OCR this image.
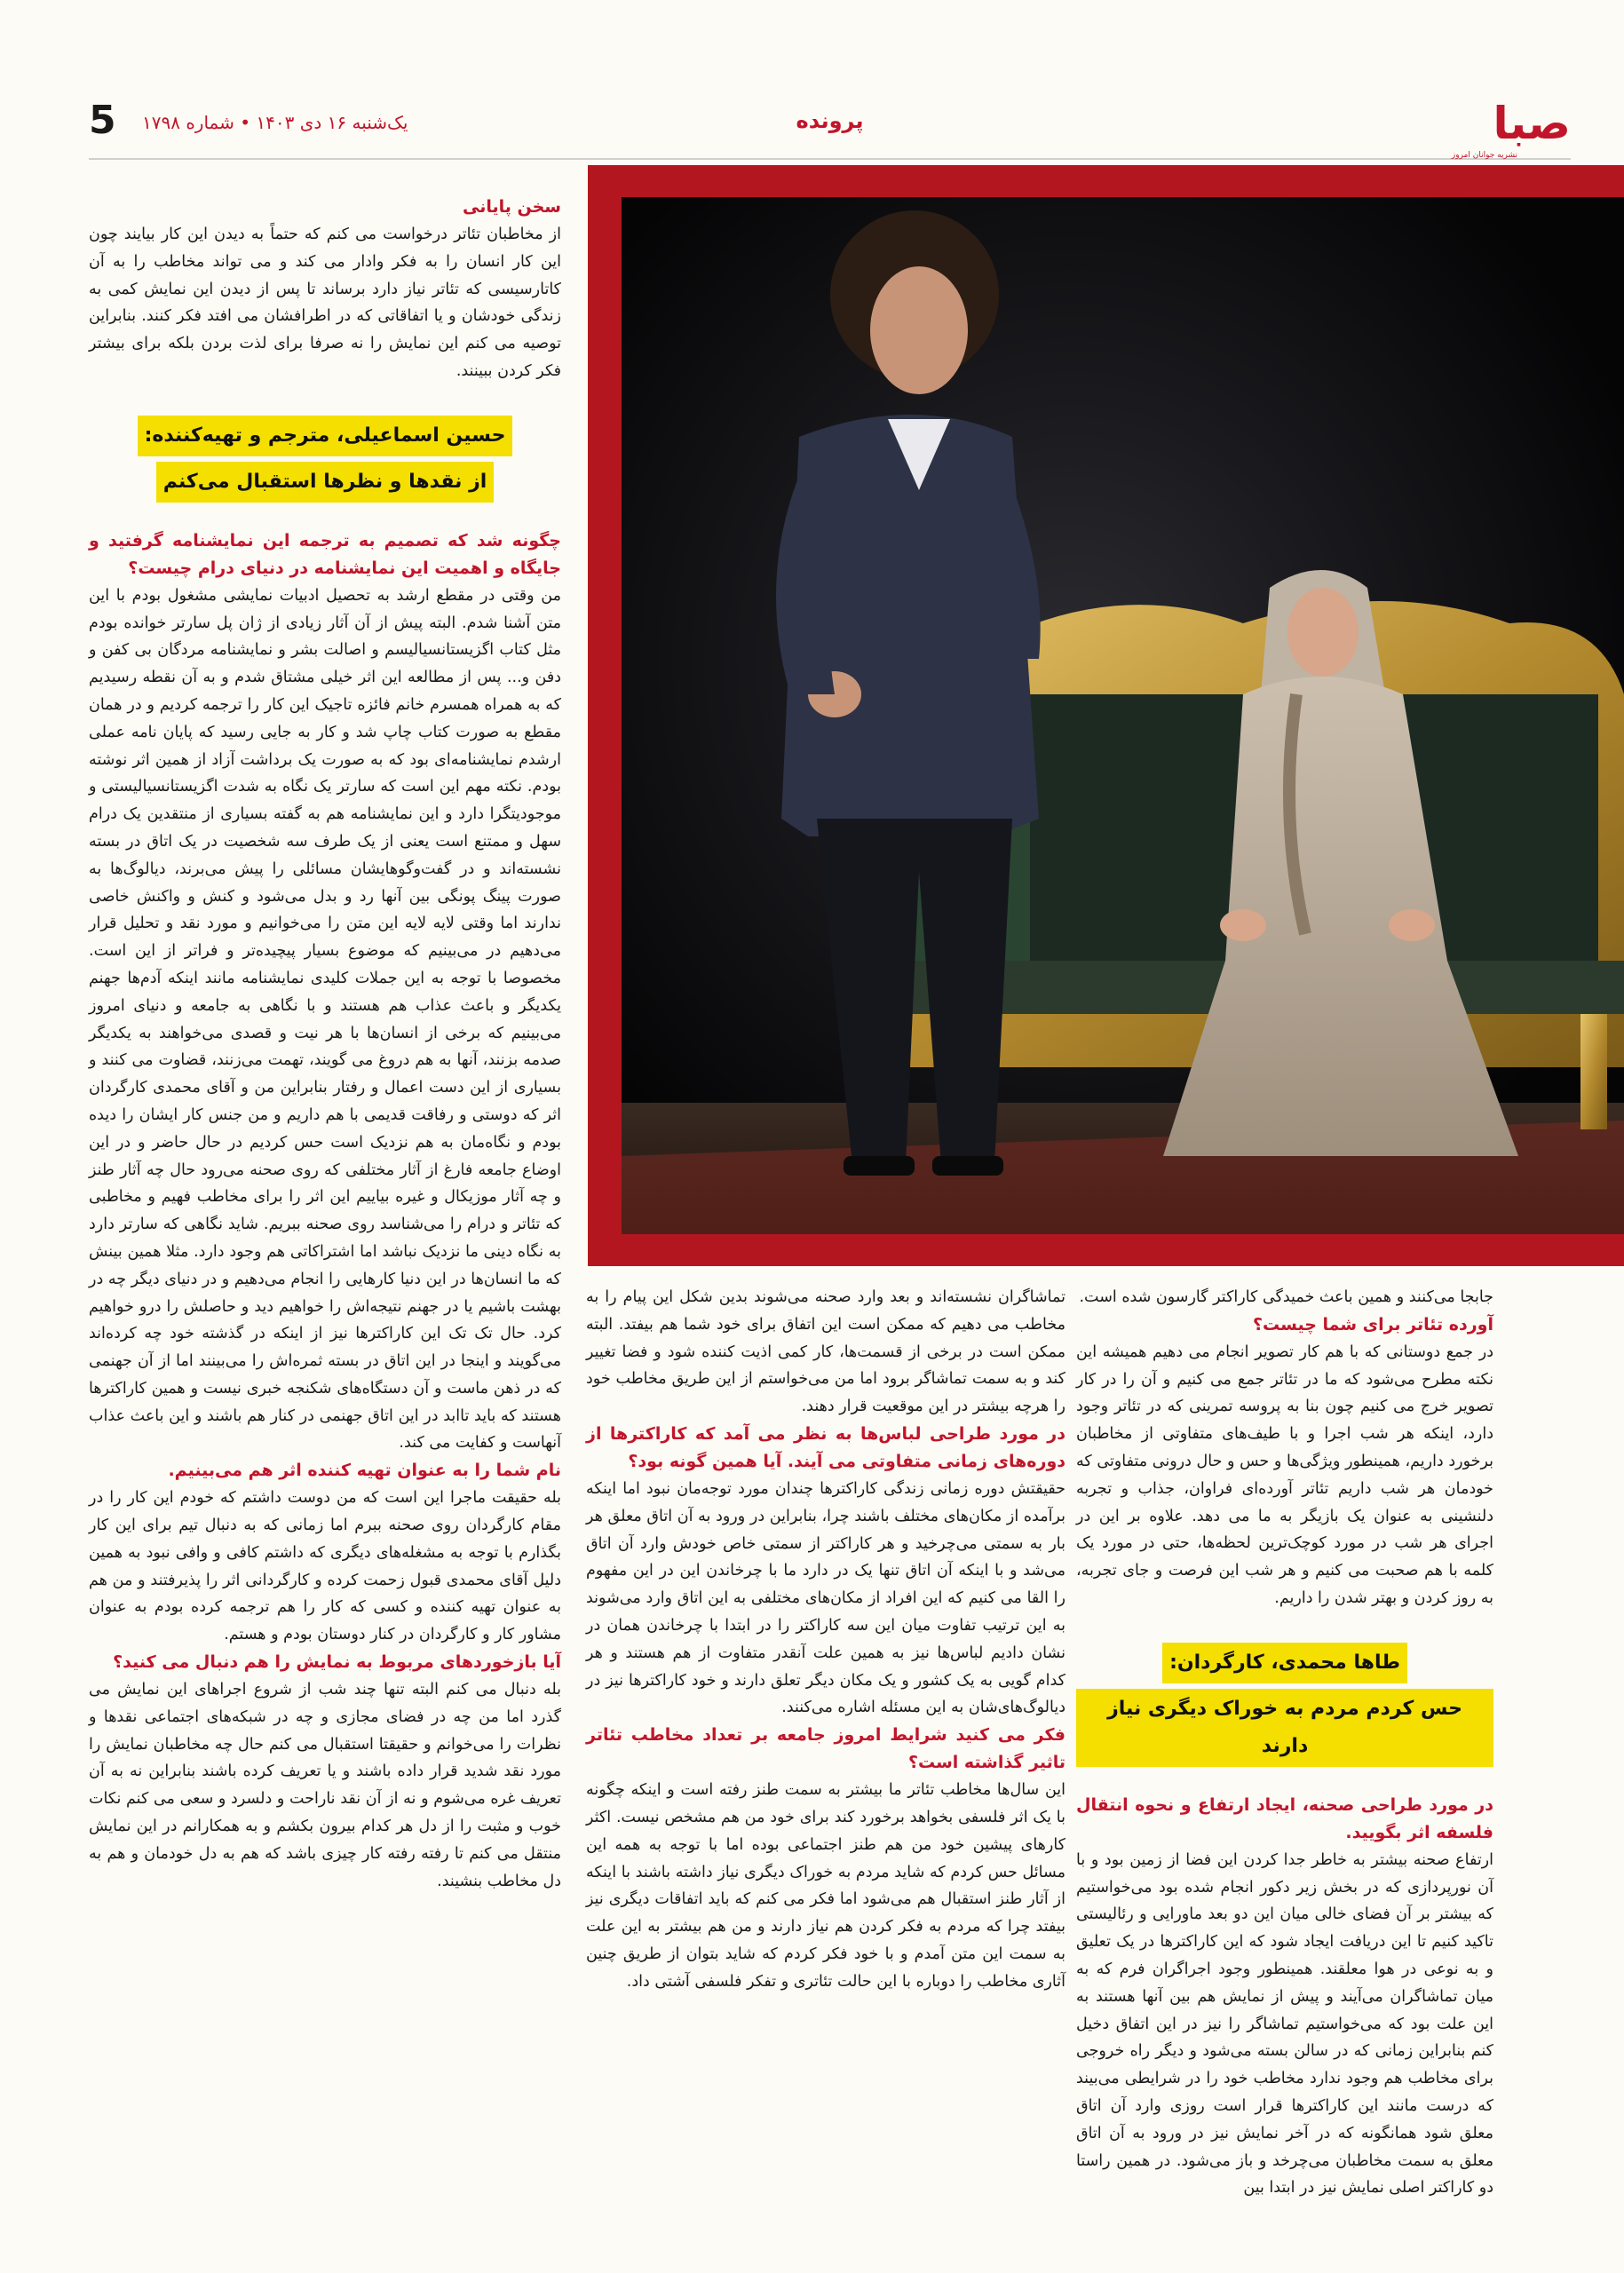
صبا
نشریه جوانان امروز
پرونده
یک‌شنبه ۱۶ دی ۱۴۰۳ • شماره ۱۷۹۸
5

سخن پایانی

از مخاطبان تئاتر درخواست می کنم که حتماً به دیدن این کار بیایند چون این کار انسان را به فکر وادار می کند و می تواند مخاطب را به آن کاتارسیسی که تئاتر نیاز دارد برساند تا پس از دیدن این نمایش کمی به زندگی خودشان و یا اتفاقاتی که در اطرافشان می افتد فکر کنند. بنابراین توصیه می کنم این نمایش را نه صرفا برای لذت بردن بلکه برای بیشتر فکر کردن ببینند.

حسین اسماعیلی، مترجم و تهیه‌کننده:
از نقدها و نظرها استقبال می‌کنم

چگونه شد که تصمیم به ترجمه این نمایشنامه گرفتید و جایگاه و اهمیت این نمایشنامه در دنیای درام چیست؟

من وقتی در مقطع ارشد به تحصیل ادبیات نمایشی مشغول بودم با این متن آشنا شدم. البته پیش از آن آثار زیادی از ژان پل سارتر خوانده بودم مثل کتاب اگزیستانسیالیسم و اصالت بشر و نمایشنامه مردگان بی کفن و دفن و... پس از مطالعه این اثر خیلی مشتاق شدم و به آن نقطه رسیدیم که به همراه همسرم خانم فائزه تاجیک این کار را ترجمه کردیم و در همان مقطع به صورت کتاب چاپ شد و کار به جایی رسید که پایان نامه عملی ارشدم نمایشنامه‌ای بود که به صورت یک برداشت آزاد از همین اثر نوشته بودم. نکته مهم این است که سارتر یک نگاه به شدت اگزیستانسیالیستی و موجودیتگرا دارد و این نمایشنامه هم به گفته بسیاری از منتقدین یک درام سهل و ممتنع است یعنی از یک طرف سه شخصیت در یک اتاق در بسته نشسته‌اند و در گفت‌وگوهایشان مسائلی را پیش می‌برند، دیالوگ‌ها به صورت پینگ پونگی بین آنها رد و بدل می‌شود و کنش و واکنش خاصی ندارند اما وقتی لایه لایه این متن را می‌خوانیم و مورد نقد و تحلیل قرار می‌دهیم در می‌بینیم که موضوع بسیار پیچیده‌تر و فراتر از این است. مخصوصا با توجه به این جملات کلیدی نمایشنامه مانند اینکه آدم‌ها جهنم یکدیگر و باعث عذاب هم هستند و با نگاهی به جامعه و دنیای امروز می‌بینیم که برخی از انسان‌ها با هر نیت و قصدی می‌خواهند به یکدیگر صدمه بزنند، آنها به هم دروغ می گویند، تهمت می‌زنند، قضاوت می کنند و بسیاری از این دست اعمال و رفتار بنابراین من و آقای محمدی کارگردان اثر که دوستی و رفاقت قدیمی با هم داریم و من جنس کار ایشان را دیده بودم و نگاه‌مان به هم نزدیک است حس کردیم در حال حاضر و در این اوضاع جامعه فارغ از آثار مختلفی که روی صحنه می‌رود حال چه آثار طنز و چه آثار موزیکال و غیره بیاییم این اثر را برای مخاطب فهیم و مخاطبی که تئاتر و درام را می‌شناسد روی صحنه ببریم. شاید نگاهی که سارتر دارد به نگاه دینی ما نزدیک نباشد اما اشتراکاتی هم وجود دارد. مثلا همین بینش که ما انسان‌ها در این دنیا کارهایی را انجام می‌دهیم و در دنیای دیگر چه در بهشت باشیم یا در جهنم نتیجه‌اش را خواهیم دید و حاصلش را درو خواهیم کرد. حال تک تک این کاراکترها نیز از اینکه در گذشته خود چه کرده‌اند می‌گویند و اینجا در این اتاق در بسته ثمره‌اش را می‌بینند اما از آن جهنمی که در ذهن ماست و آن دستگاه‌های شکنجه خبری نیست و همین کاراکترها هستند که باید تاابد در این اتاق جهنمی در کنار هم باشند و این باعث عذاب آنهاست و کفایت می کند.

نام شما را به عنوان تهیه کننده اثر هم می‌بینیم.

بله حقیقت ماجرا این است که من دوست داشتم که خودم این کار را در مقام کارگردان روی صحنه ببرم اما زمانی که به دنبال تیم برای این کار بگذارم با توجه به مشغله‌های دیگری که داشتم کافی و وافی نبود به همین دلیل آقای محمدی قبول زحمت کرده و کارگردانی اثر را پذیرفتند و من هم به عنوان تهیه کننده و کسی که کار را هم ترجمه کرده بودم به عنوان مشاور کار و کارگردان در کنار دوستان بودم و هستم.

آیا بازخوردهای مربوط به نمایش را هم دنبال می کنید؟

بله دنبال می کنم البته تنها چند شب از شروع اجراهای این نمایش می گذرد اما من چه در فضای مجازی و چه در شبکه‌های اجتماعی نقدها و نظرات را می‌خوانم و حقیقتا استقبال می کنم حال چه مخاطبان نمایش را مورد نقد شدید قرار داده باشند و یا تعریف کرده باشند بنابراین نه به آن تعریف غره می‌شوم و نه از آن نقد ناراحت و دلسرد و سعی می کنم نکات خوب و مثبت را از دل هر کدام بیرون بکشم و به همکارانم در این نمایش منتقل می کنم تا رفته رفته کار چیزی باشد که هم به دل خودمان و هم به دل مخاطب بنشیند.

تماشاگران نشسته‌اند و بعد وارد صحنه می‌شوند بدین شکل این پیام را به مخاطب می دهیم که ممکن است این اتفاق برای خود شما هم بیفتد. البته ممکن است در برخی از قسمت‌ها، کار کمی اذیت کننده شود و فضا تغییر کند و به سمت تماشاگر برود اما من می‌خواستم از این طریق مخاطب خود را هرچه بیشتر در این موقعیت قرار دهند.

در مورد طراحی لباس‌ها به نظر می آمد که کاراکترها از دوره‌های زمانی متفاوتی می آیند. آیا همین گونه بود؟

حقیقتش دوره زمانی زندگی کاراکترها چندان مورد توجه‌مان نبود اما اینکه برآمده از مکان‌های مختلف باشند چرا، بنابراین در ورود به آن اتاق معلق هر بار به سمتی می‌چرخید و هر کاراکتر از سمتی خاص خودش وارد آن اتاق می‌شد و با اینکه آن اتاق تنها یک در دارد ما با چرخاندن این در این مفهوم را القا می کنیم که این افراد از مکان‌های مختلفی به این اتاق وارد می‌شوند به این ترتیب تفاوت میان این سه کاراکتر را در ابتدا با چرخاندن همان در نشان دادیم لباس‌ها نیز به همین علت آنقدر متفاوت از هم هستند و هر کدام گویی به یک کشور و یک مکان دیگر تعلق دارند و خود کاراکترها نیز در دیالوگ‌های‌شان به این مسئله اشاره می‌کنند.

فکر می کنید شرایط امروز جامعه بر تعداد مخاطب تئاتر تاثیر گذاشته است؟

این سال‌ها مخاطب تئاتر ما بیشتر به سمت طنز رفته است و اینکه چگونه با یک اثر فلسفی بخواهد برخورد کند برای خود من هم مشخص نیست. اکثر کارهای پیشین خود من هم طنز اجتماعی بوده اما با توجه به همه این مسائل حس کردم که شاید مردم به خوراک دیگری نیاز داشته باشند با اینکه از آثار طنز استقبال هم می‌شود اما فکر می کنم که باید اتفاقات دیگری نیز بیفتد چرا که مردم به فکر کردن هم نیاز دارند و من هم بیشتر به این علت به سمت این متن آمدم و با خود فکر کردم که شاید بتوان از طریق چنین آثاری مخاطب را دوباره با این حالت تئاتری و تفکر فلسفی آشتی داد.

جابجا می‌کنند و همین باعث خمیدگی کاراکتر گارسون شده است.

آورده تئاتر برای شما چیست؟

در جمع دوستانی که با هم کار تصویر انجام می دهیم همیشه این نکته مطرح می‌شود که ما در تئاتر جمع می کنیم و آن را در کار تصویر خرج می کنیم چون بنا به پروسه تمرینی که در تئاتر وجود دارد، اینکه هر شب اجرا و با طیف‌های متفاوتی از مخاطبان برخورد داریم، همینطور ویژگی‌ها و حس و حال درونی متفاوتی که خودمان هر شب داریم تئاتر آورده‌ای فراوان، جذاب و تجربه دلنشینی به عنوان یک بازیگر به ما می دهد. علاوه بر این در اجرای هر شب در مورد کوچک‌ترین لحظه‌ها، حتی در مورد یک کلمه با هم صحبت می کنیم و هر شب این فرصت و جای تجربه، به روز کردن و بهتر شدن را داریم.

طاها محمدی، کارگردان:
حس کردم مردم به خوراک دیگری نیاز دارند

در مورد طراحی صحنه، ایجاد ارتفاع و نحوه انتقال فلسفه اثر بگویید.

ارتفاع صحنه بیشتر به خاطر جدا کردن این فضا از زمین بود و با آن نورپردازی که در بخش زیر دکور انجام شده بود می‌خواستیم که بیشتر بر آن فضای خالی میان این دو بعد ماورایی و رئالیستی تاکید کنیم تا این دریافت ایجاد شود که این کاراکترها در یک تعلیق و به نوعی در هوا معلقند. همینطور وجود اجراگران فرم که به میان تماشاگران می‌آیند و پیش از نمایش هم بین آنها هستند به این علت بود که می‌خواستیم تماشاگر را نیز در این اتفاق دخیل کنم بنابراین زمانی که در سالن بسته می‌شود و دیگر راه خروجی برای مخاطب هم وجود ندارد مخاطب خود را در شرایطی می‌بیند که درست مانند این کاراکترها قرار است روزی وارد آن اتاق معلق شود همانگونه که در آخر نمایش نیز در ورود به آن اتاق معلق به سمت مخاطبان می‌چرخد و باز می‌شود. در همین راستا دو کاراکتر اصلی نمایش نیز در ابتدا بین
